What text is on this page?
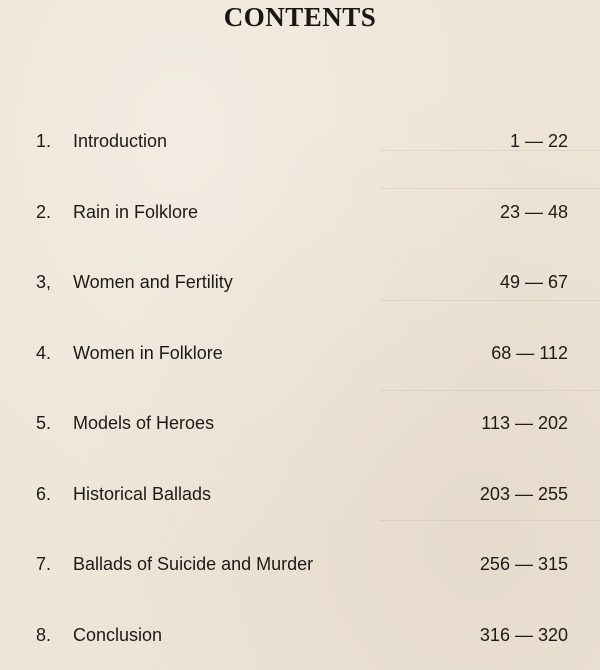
CONTENTS
1.	Introduction	1 — 22
2.	Rain in Folklore	23 — 48
3,	Women and Fertility	49 — 67
4.	Women in Folklore	68 — 112
5.	Models of Heroes	113 — 202
6.	Historical Ballads	203 — 255
7.	Ballads of Suicide and Murder	256 — 315
8.	Conclusion	316 — 320
